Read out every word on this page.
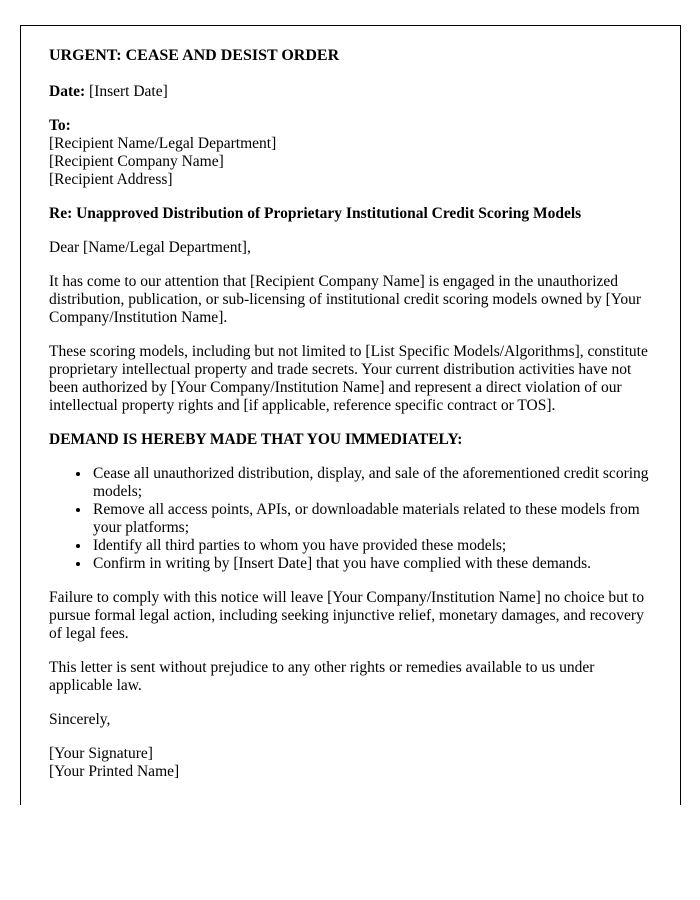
URGENT: CEASE AND DESIST ORDER

Date: [Insert Date]

To:
[Recipient Name/Legal Department]
[Recipient Company Name]
[Recipient Address]

Re: Unapproved Distribution of Proprietary Institutional Credit Scoring Models

Dear [Name/Legal Department],

It has come to our attention that [Recipient Company Name] is engaged in the unauthorized distribution, publication, or sub-licensing of institutional credit scoring models owned by [Your Company/Institution Name].

These scoring models, including but not limited to [List Specific Models/Algorithms], constitute proprietary intellectual property and trade secrets. Your current distribution activities have not been authorized by [Your Company/Institution Name] and represent a direct violation of our intellectual property rights and [if applicable, reference specific contract or TOS].

DEMAND IS HEREBY MADE THAT YOU IMMEDIATELY:

• Cease all unauthorized distribution, display, and sale of the aforementioned credit scoring models;
• Remove all access points, APIs, or downloadable materials related to these models from your platforms;
• Identify all third parties to whom you have provided these models;
• Confirm in writing by [Insert Date] that you have complied with these demands.

Failure to comply with this notice will leave [Your Company/Institution Name] no choice but to pursue formal legal action, including seeking injunctive relief, monetary damages, and recovery of legal fees.

This letter is sent without prejudice to any other rights or remedies available to us under applicable law.

Sincerely,

[Your Signature]
[Your Printed Name]
